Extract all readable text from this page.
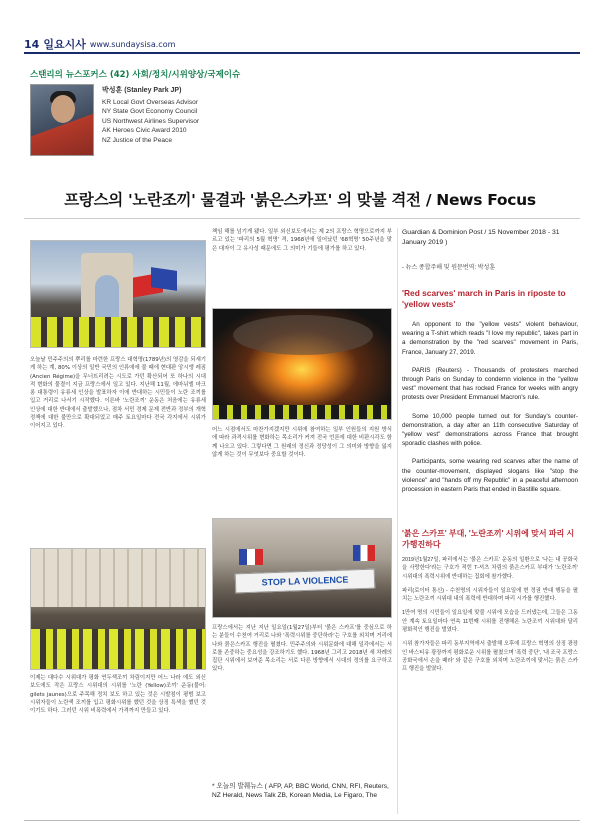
14 일요시사 www.sundaysisa.com
스탠리의 뉴스포커스 (42) 사회/정치/시위양상/국제이슈
박성훈 (Stanley Park JP)
KR Local Govt Overseas Advisor
NY State Govt Economy Council
US Northwest Airlines Supervisor
AK Heroes Civic Award 2010
NZ Justice of the Peace
프랑스의 '노란조끼' 물결과 '붉은스카프' 의 맞불 격전 / News Focus
오늘날 민주주의의 뿌리를 마련한 프랑스 대혁명(1789년)의 영감을 되새기게 하는 계, 80% 이상의 일반 국민의 인류애에 불 때에 현대판 앙시앵 레짐(Ancien Régime)을 무너뜨리려는 시도로 가던 확산되어 또 하나의 시대적 변화의 물결이 지금 프랑스에서 일고 있다. 지난해 11월, 에마뉘엘 마크롱 대통령이 유류세 인상을 발표하자 이에 반대하는 시민들이 노란 조끼를 입고 거리로 나서기 시작했다. 이른바 '노란조끼' 운동은 처음에는 유류세 인상에 대한 반대에서 출발했으나, 점차 서민 경제 문제 전반과 정부의 개혁 정책에 대한 불만으로 확대되었고 매주 토요일마다 전국 각지에서 시위가 이어지고 있다.
이제는 대다수 시위대가 평화 연두색조끼 차림이지만 어느 나라 에도 외신 보도에도 작은 프랑스 시위대의 시위를 '노란 (Yellow)조끼' 운동(불어: gilets jaunes)으로 주목해 정치 보도 하고 있는 것은 시발점이 평범 보고 시위자들이 노란색 조끼를 입고 평화시위를 했던 것을 상징 특색을 했던 것이기도 하다. 그러던 시위 비폭력에서 가격까지 만들고 있다.
책임 해를 넘기게 됐다. 일부 외신보도에서는 제 2의 프랑스 혁명으로까지 부르고 있는 '파리의 5월 혁명' 격, 1968년에 일어났던 '68혁명' 50주년을 맞은 대자이 그 유사성 때문에도 그 의미가 기들에 평가를 하고 있다.
어느 시점에서도 마찬가지겠지만 시위에 참여하는 일부 인원들의 지원 방식에 따라 과격시위를 변화하는 목소리가 커져 전국 언론에 대한 비판시각도 함께 나오고 있다. 그렇다면 그 원래의 정신과 정당성이 그 의미와 방향을 잃지 않게 하는 것이 무엇보다 중요할 것이다.
STOP LA VIOLENCE
프랑스에서는 지난 지난 일요일(1월27일)부터 '붉은 스카프'를 중심으로 하는 분들이 수천여 거리로 나와 '폭력시위를 중단하라'는 구호를 외치며 거리에 나와 붉은스카프 행진을 펼쳤다. 민주주의와 시위문화에 대해 일각에서는 서로를 존중하는 중요성을 강조하기도 했다. 1968년 그리고 2018년 세 차례의 집단 시위에서 보여준 목소리는 서로 다른 방향에서 시대의 정의를 요구하고 있다.
* 오늘의 발췌뉴스 ( AFP, AP, BBC World, CNN, RFI, Reuters, NZ Herald, News Talk ZB, Korean Media, Le Figaro, The
Guardian & Dominion Post / 15 November 2018 - 31 January 2019 )
- 뉴스 종합주해 및 원문번역: 박성훈
'Red scarves' march in Paris in riposte to 'yellow vests'

An opponent to the "yellow vests" violent behaviour, wearing a T-shirt which reads "I love my republic", takes part in a demonstration by the "red scarves" movement in Paris, France, January 27, 2019.

PARIS (Reuters) - Thousands of protesters marched through Paris on Sunday to condemn violence in the "yellow vest" movement that has rocked France for weeks with angry protests over President Emmanuel Macron's rule.

Some 10,000 people turned out for Sunday's counter-demonstration, a day after an 11th consecutive Saturday of "yellow vest" demonstrations across France that brought sporadic clashes with police.

Participants, some wearing red scarves after the name of the counter-movement, displayed slogans like "stop the violence" and "hands off my Republic" in a peaceful afternoon procession in eastern Paris that ended in Bastille square.

'붉은 스카프' 부대, '노란조끼' 시위에 맞서 파리 시가행진하다

2019년1월27일, 파리에서는 '붉은 스카프' 운동의 일환으로 '나는 내 공화국을 사랑한다'라는 구호가 적힌 T-셔츠 차림의 붉은스카프 부대가 '노란조끼' 시위대의 폭력시위에 반대하는 집회에 참가했다.

파리(로이터 통신) - 수천명의 시위자들이 일요일에 현 정권 반대 행동을 펼치는 노란조끼 시위대 내의 폭력에 반대하며 파리 시가를 행진했다.

1만여 명의 시민들이 일요일에 맞불 시위에 모습을 드러냈는데, 그들은 그동안 계속 토요일마다 연속 11번째 시위를 진행해온 노란조끼 시위대와 달리 평화적인 행진을 벌였다.

시위 참가자들은 파리 동부지역에서 출발해 오후에 프랑스 혁명의 상징 광장인 바스티유 광장까지 평화로운 시위를 펼쳤으며 '폭력 중단', '내 조국 프랑스 공화국에서 손을 떼라' 와 같은 구호를 외치며 노란조끼에 맞서는 붉은 스카프 행진을 벌였다.
